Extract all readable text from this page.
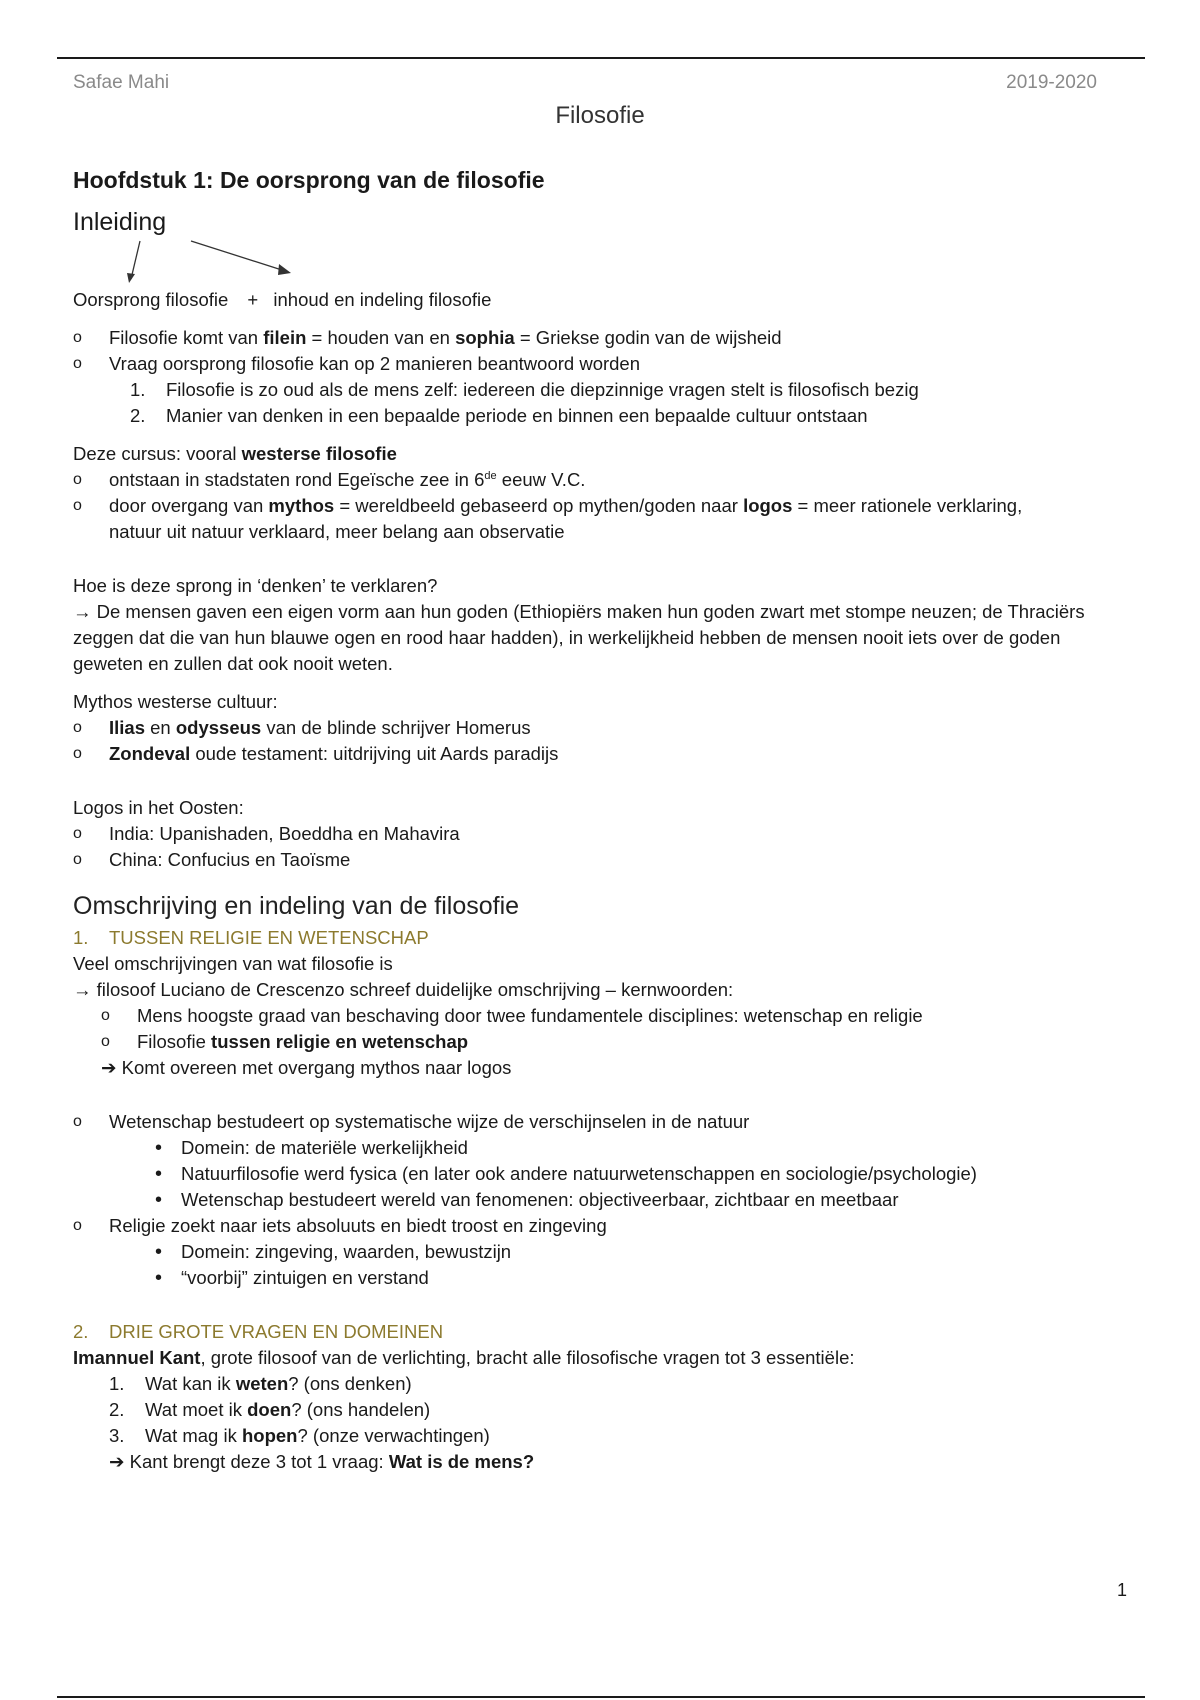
Safae Mahi	2019-2020
Filosofie
Hoofdstuk 1: De oorsprong van de filosofie
Inleiding
Oorsprong filosofie + inhoud en indeling filosofie
o Filosofie komt van filein = houden van en sophia = Griekse godin van de wijsheid
o Vraag oorsprong filosofie kan op 2 manieren beantwoord worden
1. Filosofie is zo oud als de mens zelf: iedereen die diepzinnige vragen stelt is filosofisch bezig
2. Manier van denken in een bepaalde periode en binnen een bepaalde cultuur ontstaan

Deze cursus: vooral westerse filosofie

o ontstaan in stadstaten rond Egeïsche zee in 6de eeuw V.C.
o door overgang van mythos = wereldbeeld gebaseerd op mythen/goden naar logos = meer rationele verklaring,
natuur uit natuur verklaard, meer belang aan observatie

Hoe is deze sprong in ‘denken’ te verklaren?

→ De mensen gaven een eigen vorm aan hun goden (Ethiopiërs maken hun goden zwart met stompe neuzen; de Thraciërs zeggen dat die van hun blauwe ogen en rood haar hadden), in werkelijkheid hebben de mensen nooit iets over de goden geweten en zullen dat ook nooit weten.

Mythos westerse cultuur:

o Ilias en odysseus van de blinde schrijver Homerus
o Zondeval oude testament: uitdrijving uit Aards paradijs

Logos in het Oosten:

o India: Upanishaden, Boeddha en Mahavira
o China: Confucius en Taoïsme
Omschrijving en indeling van de filosofie
1. TUSSEN RELIGIE EN WETENSCHAP

Veel omschrijvingen van wat filosofie is

→ filosoof Luciano de Crescenzo schreef duidelijke omschrijving – kernwoorden:

o Mens hoogste graad van beschaving door twee fundamentele disciplines: wetenschap en religie
o Filosofie tussen religie en wetenschap

➔ Komt overeen met overgang mythos naar logos

o Wetenschap bestudeert op systematische wijze de verschijnselen in de natuur
• Domein: de materiële werkelijkheid
• Natuurfilosofie werd fysica (en later ook andere natuurwetenschappen en sociologie/psychologie)
• Wetenschap bestudeert wereld van fenomenen: objectiveerbaar, zichtbaar en meetbaar
o Religie zoekt naar iets absoluuts en biedt troost en zingeving
• Domein: zingeving, waarden, bewustzijn
• “voorbij” zintuigen en verstand
2. DRIE GROTE VRAGEN EN DOMEINEN

Imannuel Kant, grote filosoof van de verlichting, bracht alle filosofische vragen tot 3 essentiële:

1. Wat kan ik weten? (ons denken)
2. Wat moet ik doen? (ons handelen)
3. Wat mag ik hopen? (onze verwachtingen)

➔ Kant brengt deze 3 tot 1 vraag: Wat is de mens?

1
